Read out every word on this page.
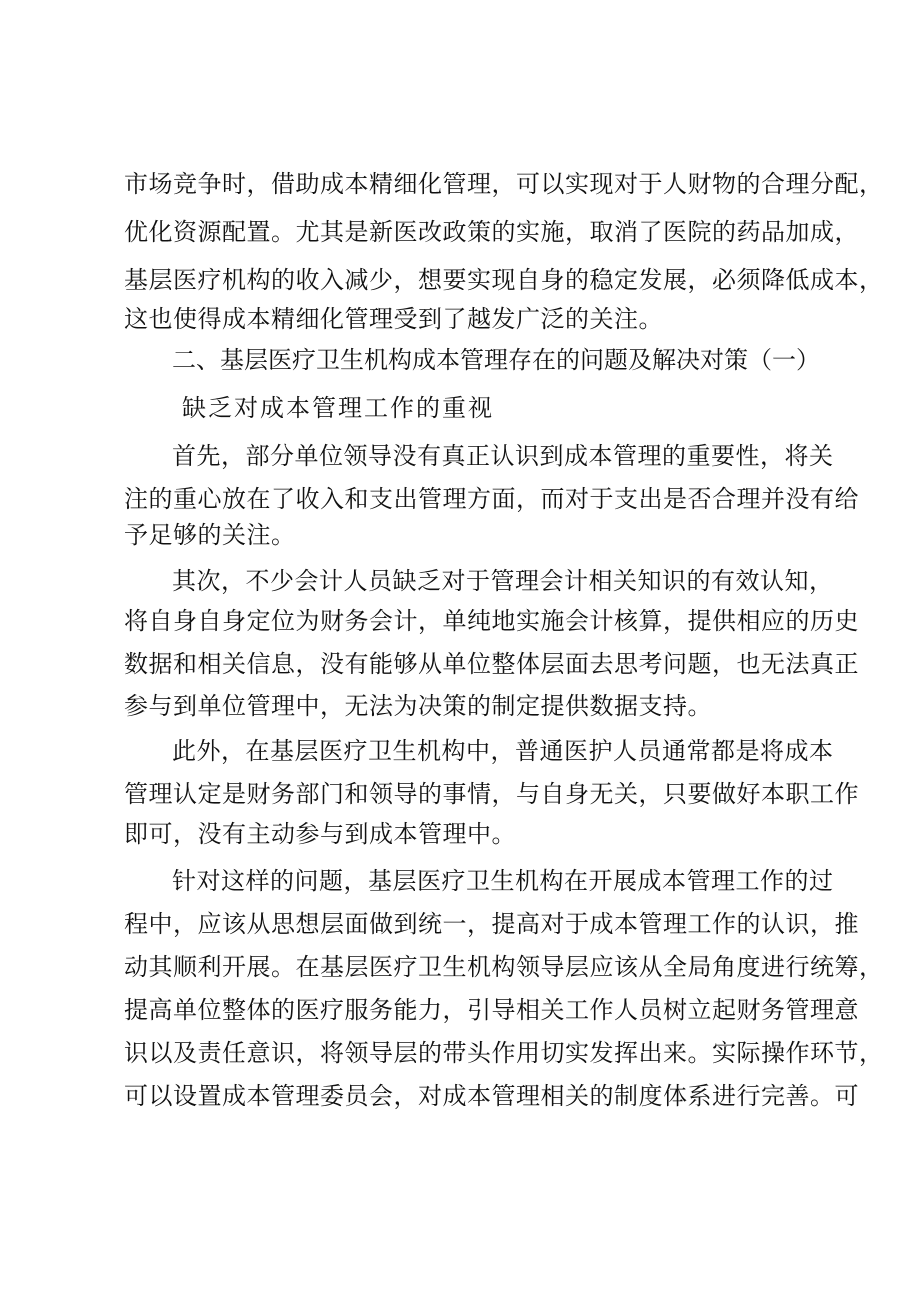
市场竞争时，借助成本精细化管理，可以实现对于人财物的合理分配，
优化资源配置。尤其是新医改政策的实施，取消了医院的药品加成，
基层医疗机构的收入减少，想要实现自身的稳定发展，必须降低成本，
这也使得成本精细化管理受到了越发广泛的关注。
二、基层医疗卫生机构成本管理存在的问题及解决对策（一）
缺乏对成本管理工作的重视
首先，部分单位领导没有真正认识到成本管理的重要性，将关
注的重心放在了收入和支出管理方面，而对于支出是否合理并没有给
予足够的关注。
其次，不少会计人员缺乏对于管理会计相关知识的有效认知，
将自身自身定位为财务会计，单纯地实施会计核算，提供相应的历史
数据和相关信息，没有能够从单位整体层面去思考问题，也无法真正
参与到单位管理中，无法为决策的制定提供数据支持。
此外，在基层医疗卫生机构中，普通医护人员通常都是将成本
管理认定是财务部门和领导的事情，与自身无关，只要做好本职工作
即可，没有主动参与到成本管理中。
针对这样的问题，基层医疗卫生机构在开展成本管理工作的过
程中，应该从思想层面做到统一，提高对于成本管理工作的认识，推
动其顺利开展。在基层医疗卫生机构领导层应该从全局角度进行统筹，
提高单位整体的医疗服务能力，引导相关工作人员树立起财务管理意
识以及责任意识，将领导层的带头作用切实发挥出来。实际操作环节，
可以设置成本管理委员会，对成本管理相关的制度体系进行完善。可
